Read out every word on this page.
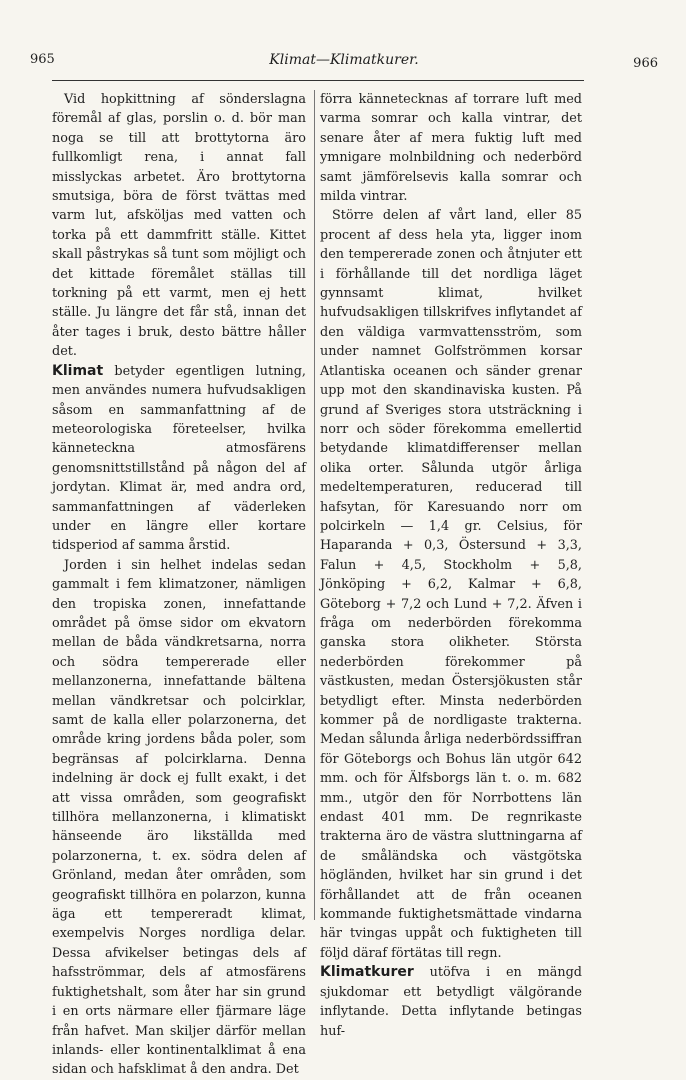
965	Klimat—Klimatkurer.	966

Vid hopkittning af sönderslagna föremål af glas, porslin o. d. bör man noga se till att brottytorna äro fullkomligt rena, i annat fall misslyckas arbetet. Äro brottytorna smutsiga, böra de först tvättas med varm lut, afsköljas med vatten och torka på ett dammfritt ställe. Kittet skall påstrykas så tunt som möjligt och det kittade föremålet ställas till torkning på ett varmt, men ej hett ställe. Ju längre det får stå, innan det åter tages i bruk, desto bättre håller det.

Klimat betyder egentligen lutning, men användes numera hufvudsakligen såsom en sammanfattning af de meteorologiska företeelser, hvilka känneteckna atmosfärens genomsnittstillstånd på någon del af jordytan. Klimat är, med andra ord, sammanfattningen af väderleken under en längre eller kortare tidsperiod af samma årstid.

Jorden i sin helhet indelas sedan gammalt i fem klimatzoner, nämligen den tropiska zonen, innefattande området på ömse sidor om ekvatorn mellan de båda vändkretsarna, norra och södra tempererade eller mellanzonerna, innefattande bältena mellan vändkretsar och polcirklar, samt de kalla eller polarzonerna, det område kring jordens båda poler, som begränsas af polcirklarna. Denna indelning är dock ej fullt exakt, i det att vissa områden, som geografiskt tillhöra mellanzonerna, i klimatiskt hänseende äro likställda med polarzonerna, t. ex. södra delen af Grönland, medan åter områden, som geografiskt tillhöra en polarzon, kunna äga ett tempereradt klimat, exempelvis Norges nordliga delar. Dessa afvikelser betingas dels af hafsströmmar, dels af atmosfärens fuktighetshalt, som åter har sin grund i en orts närmare eller fjärmare läge från hafvet. Man skiljer därför mellan inlands- eller kontinentalklimat å ena sidan och hafsklimat å den andra. Det

förra kännetecknas af torrare luft med varma somrar och kalla vintrar, det senare åter af mera fuktig luft med ymnigare molnbildning och nederbörd samt jämförelsevis kalla somrar och milda vintrar.

Större delen af vårt land, eller 85 procent af dess hela yta, ligger inom den tempererade zonen och åtnjuter ett i förhållande till det nordliga läget gynnsamt klimat, hvilket hufvudsakligen tillskrifves inflytandet af den väldiga varmvattensström, som under namnet Golfströmmen korsar Atlantiska oceanen och sänder grenar upp mot den skandinaviska kusten. På grund af Sveriges stora utsträckning i norr och söder förekomma emellertid betydande klimatdifferenser mellan olika orter. Sålunda utgör årliga medeltemperaturen, reducerad till hafsytan, för Karesuando norr om polcirkeln — 1,4 gr. Celsius, för Haparanda + 0,3, Östersund + 3,3, Falun + 4,5, Stockholm + 5,8, Jönköping + 6,2, Kalmar + 6,8, Göteborg + 7,2 och Lund + 7,2. Äfven i fråga om nederbörden förekomma ganska stora olikheter. Största nederbörden förekommer på västkusten, medan Östersjökusten står betydligt efter. Minsta nederbörden kommer på de nordligaste trakterna. Medan sålunda årliga nederbördssiffran för Göteborgs och Bohus län utgör 642 mm. och för Älfsborgs län t. o. m. 682 mm., utgör den för Norrbottens län endast 401 mm. De regnrikaste trakterna äro de västra sluttningarna af de småländska och västgötska högländen, hvilket har sin grund i det förhållandet att de från oceanen kommande fuktighetsmättade vindarna här tvingas uppåt och fuktigheten till följd däraf förtätas till regn.

Klimatkurer utöfva i en mängd sjukdomar ett betydligt välgörande inflytande. Detta inflytande betingas huf-
